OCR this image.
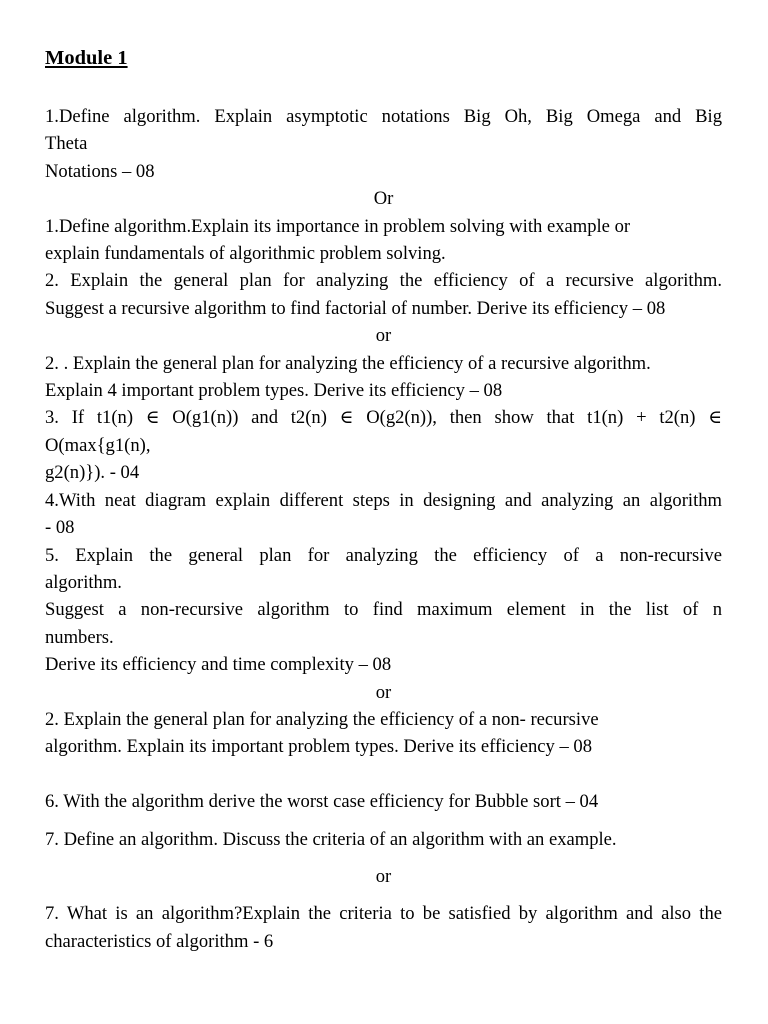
Module 1

1.Define algorithm. Explain asymptotic notations Big Oh, Big Omega and Big

Theta

Notations – 08

Or

1.Define algorithm.Explain its importance in problem solving with example or

explain fundamentals of algorithmic problem solving.

2. Explain the general plan for analyzing the efficiency of a recursive algorithm.

Suggest a recursive algorithm to find factorial of number. Derive its efficiency – 08

or

2. . Explain the general plan for analyzing the efficiency of a recursive algorithm.

Explain 4 important problem types. Derive its efficiency – 08

3. If t1(n) ∈ O(g1(n)) and t2(n) ∈ O(g2(n)), then show that t1(n) + t2(n) ∈

O(max{g1(n),

g2(n)}). - 04

4.With neat diagram explain different steps in designing and analyzing an algorithm

- 08

5. Explain the general plan for analyzing the efficiency of a non-recursive

algorithm.

Suggest a non-recursive algorithm to find maximum element in the list of n

numbers.

Derive its efficiency and time complexity – 08

or

2. Explain the general plan for analyzing the efficiency of a non- recursive

algorithm. Explain its important problem types. Derive its efficiency – 08

6. With the algorithm derive the worst case efficiency for Bubble sort – 04

7. Define an algorithm. Discuss the criteria of an algorithm with an example.

or

7. What is an algorithm?Explain the criteria to be satisfied by algorithm and also the

characteristics of algorithm - 6
